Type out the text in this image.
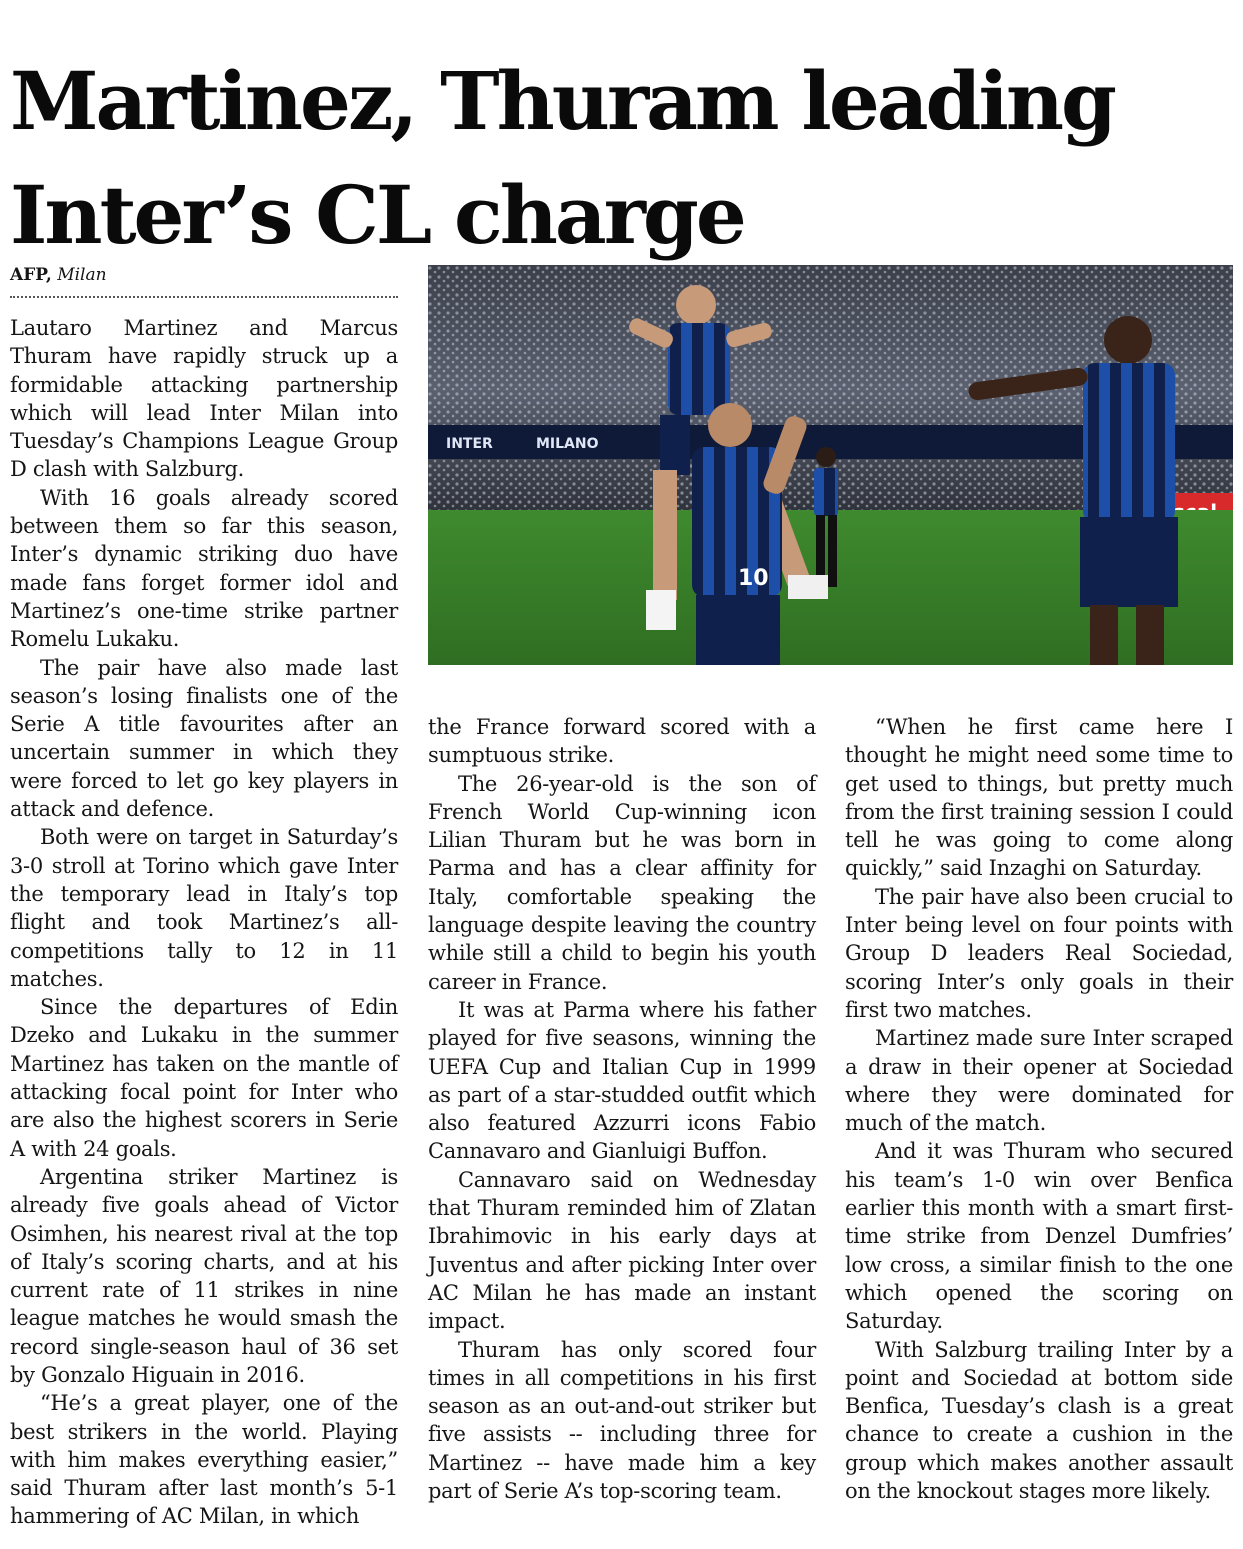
Martinez, Thuram leading Inter’s CL charge
AFP, Milan
INTER	MILANO
10

Lautaro Martinez and Marcus Thuram have rapidly struck up a formidable attacking partnership which will lead Inter Milan into Tuesday’s Champions League Group D clash with Salzburg.

With 16 goals already scored between them so far this season, Inter’s dynamic striking duo have made fans forget former idol and Martinez’s one-time strike partner Romelu Lukaku.

The pair have also made last season’s losing finalists one of the Serie A title favourites after an uncertain summer in which they were forced to let go key players in attack and defence.

Both were on target in Saturday’s 3-0 stroll at Torino which gave Inter the temporary lead in Italy’s top flight and took Martinez’s all-competitions tally to 12 in 11 matches.

Since the departures of Edin Dzeko and Lukaku in the summer Martinez has taken on the mantle of attacking focal point for Inter who are also the highest scorers in Serie A with 24 goals.

Argentina striker Martinez is already five goals ahead of Victor Osimhen, his nearest rival at the top of Italy’s scoring charts, and at his current rate of 11 strikes in nine league matches he would smash the record single-season haul of 36 set by Gonzalo Higuain in 2016.

“He’s a great player, one of the best strikers in the world. Playing with him makes everything easier,” said Thuram after last month’s 5-1 hammering of AC Milan, in which

the France forward scored with a sumptuous strike.

The 26-year-old is the son of French World Cup-winning icon Lilian Thuram but he was born in Parma and has a clear affinity for Italy, comfortable speaking the language despite leaving the country while still a child to begin his youth career in France.

It was at Parma where his father played for five seasons, winning the UEFA Cup and Italian Cup in 1999 as part of a star-studded outfit which also featured Azzurri icons Fabio Cannavaro and Gianluigi Buffon.

Cannavaro said on Wednesday that Thuram reminded him of Zlatan Ibrahimovic in his early days at Juventus and after picking Inter over AC Milan he has made an instant impact.

Thuram has only scored four times in all competitions in his first season as an out-and-out striker but five assists -- including three for Martinez -- have made him a key part of Serie A’s top-scoring team.

“When he first came here I thought he might need some time to get used to things, but pretty much from the first training session I could tell he was going to come along quickly,” said Inzaghi on Saturday.

The pair have also been crucial to Inter being level on four points with Group D leaders Real Sociedad, scoring Inter’s only goals in their first two matches.

Martinez made sure Inter scraped a draw in their opener at Sociedad where they were dominated for much of the match.

And it was Thuram who secured his team’s 1-0 win over Benfica earlier this month with a smart first-time strike from Denzel Dumfries’ low cross, a similar finish to the one which opened the scoring on Saturday.

With Salzburg trailing Inter by a point and Sociedad at bottom side Benfica, Tuesday’s clash is a great chance to create a cushion in the group which makes another assault on the knockout stages more likely.
